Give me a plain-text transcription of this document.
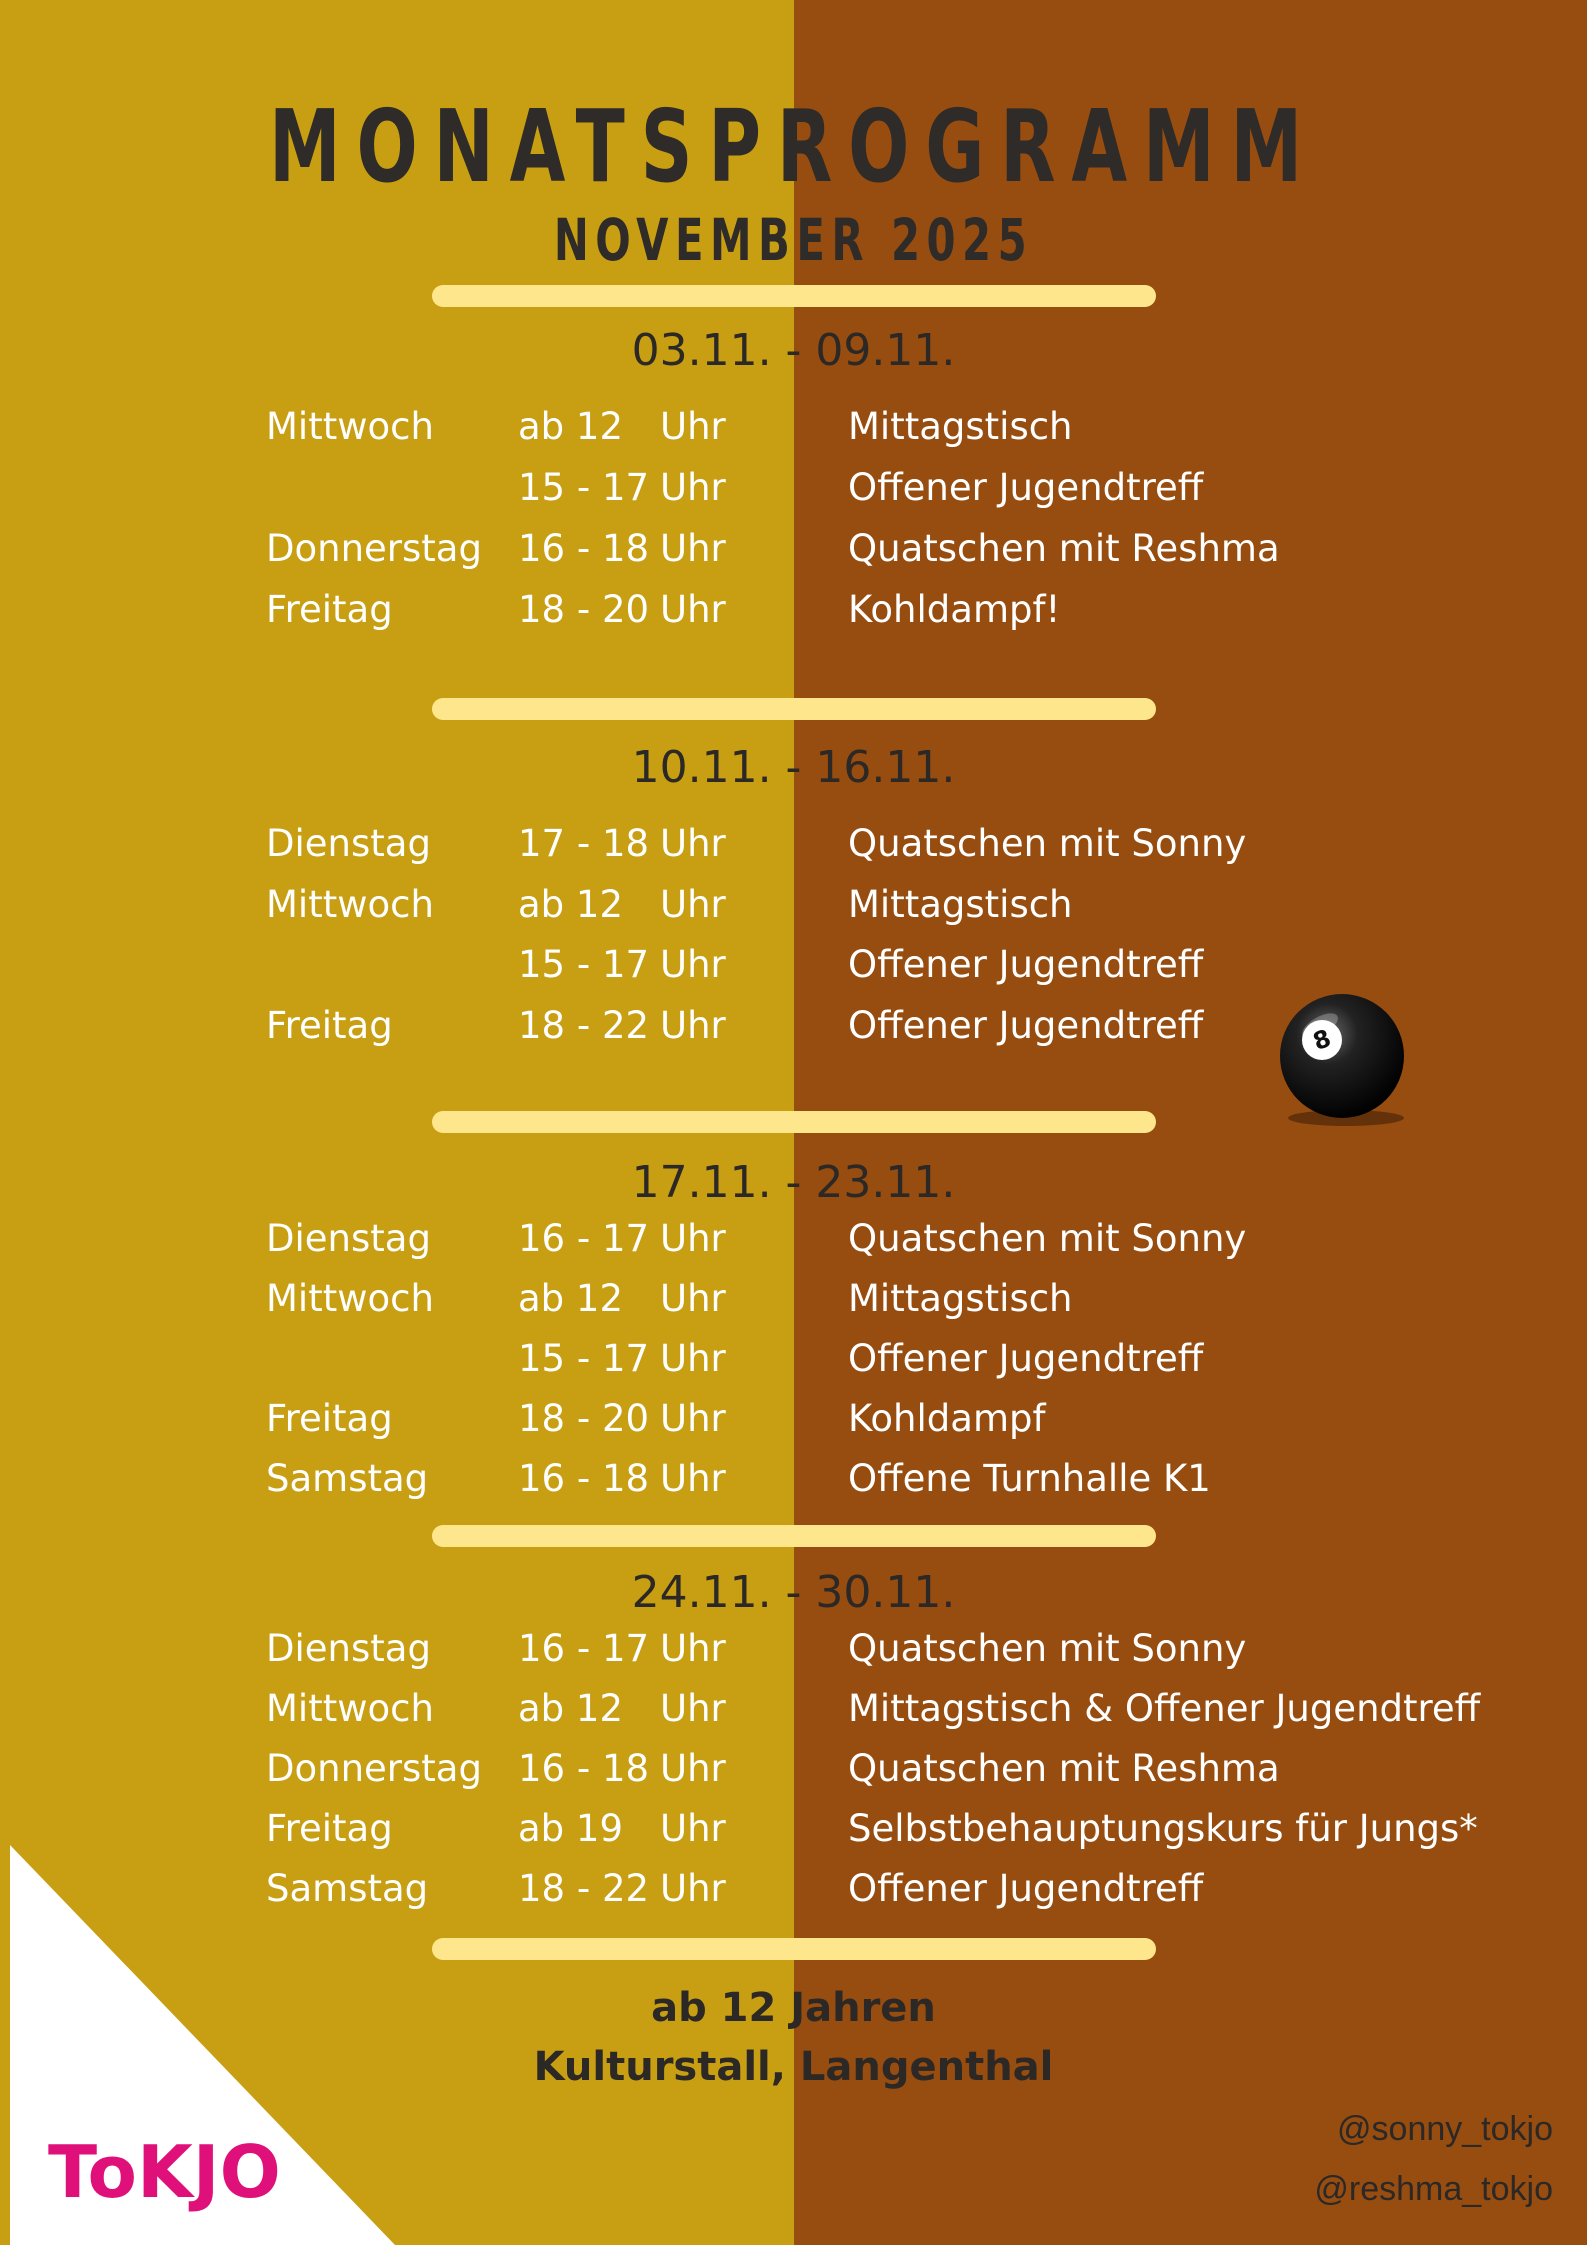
MONATSPROGRAMM
NOVEMBER 2025
03.11. - 09.11.
Mittwoch ab 12 Uhr	Mittagstisch
15 - 17 Uhr	Offener Jugendtreff
Donnerstag 16 - 18 Uhr	Quatschen mit Reshma
Freitag	18 - 20 Uhr	Kohldampf!
10.11. - 16.11.
Dienstag 17 - 18 Uhr	Quatschen mit Sonny
Mittwoch ab 12 Uhr	Mittagstisch
15 - 17 Uhr	Offener Jugendtreff
Freitag	18 - 22 Uhr	Offener Jugendtreff	8
17.11. - 23.11.
Dienstag 16 - 17 Uhr	Quatschen mit Sonny
Mittwoch ab 12 Uhr	Mittagstisch
15 - 17 Uhr	Offener Jugendtreff
Freitag	18 - 20 Uhr	Kohldampf
Samstag 16 - 18 Uhr	Offene Turnhalle K1
24.11. - 30.11.
Dienstag 16 - 17 Uhr	Quatschen mit Sonny
Mittwoch ab 12 Uhr	Mittagstisch & Offener Jugendtreff
Donnerstag 16 - 18 Uhr	Quatschen mit Reshma
Freitag	ab 19 Uhr	Selbstbehauptungskurs für Jungs*
Samstag 18 - 22 Uhr	Offener Jugendtreff
ab 12 Jahren
Kulturstall, Langenthal
@sonny_tokjo
@reshma_tokjo
ToKJO
